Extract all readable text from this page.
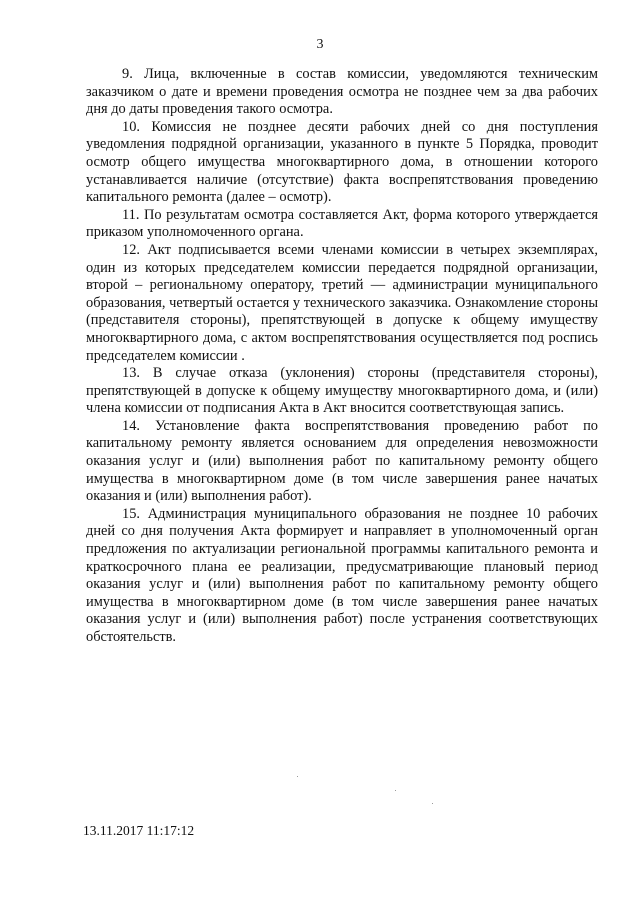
3

9. Лица, включенные в состав комиссии, уведомляются техническим заказчиком о дате и времени проведения осмотра не позднее чем за два рабочих дня до даты проведения такого осмотра.

10. Комиссия не позднее десяти рабочих дней со дня поступления уведомления подрядной организации, указанного в пункте 5 Порядка, проводит осмотр общего имущества многоквартирного дома, в отношении которого устанавливается наличие (отсутствие) факта воспрепятствования проведению капитального ремонта (далее – осмотр).

11. По результатам осмотра составляется Акт, форма которого утверждается приказом уполномоченного органа.

12. Акт подписывается всеми членами комиссии в четырех экземплярах, один из которых председателем комиссии передается подрядной организации, второй – региональному оператору, третий — администрации муниципального образования, четвертый остается у технического заказчика. Ознакомление стороны (представителя стороны), препятствующей в допуске к общему имуществу многоквартирного дома, с актом воспрепятствования осуществляется под роспись председателем комиссии .

13. В случае отказа (уклонения) стороны (представителя стороны), препятствующей в допуске к общему имуществу многоквартирного дома, и (или) члена комиссии от подписания Акта в Акт вносится соответствующая запись.

14. Установление факта воспрепятствования проведению работ по капитальному ремонту является основанием для определения невозможности оказания услуг и (или) выполнения работ по капитальному ремонту общего имущества в многоквартирном доме (в том числе завершения ранее начатых оказания и (или) выполнения работ).

15. Администрация муниципального образования не позднее 10 рабочих дней со дня получения Акта формирует и направляет в уполномоченный орган предложения по актуализации региональной программы капитального ремонта и краткосрочного плана ее реализации, предусматривающие плановый период оказания услуг и (или) выполнения работ по капитальному ремонту общего имущества в многоквартирном доме (в том числе завершения ранее начатых оказания услуг и (или) выполнения работ) после устранения соответствующих обстоятельств.

13.11.2017 11:17:12
